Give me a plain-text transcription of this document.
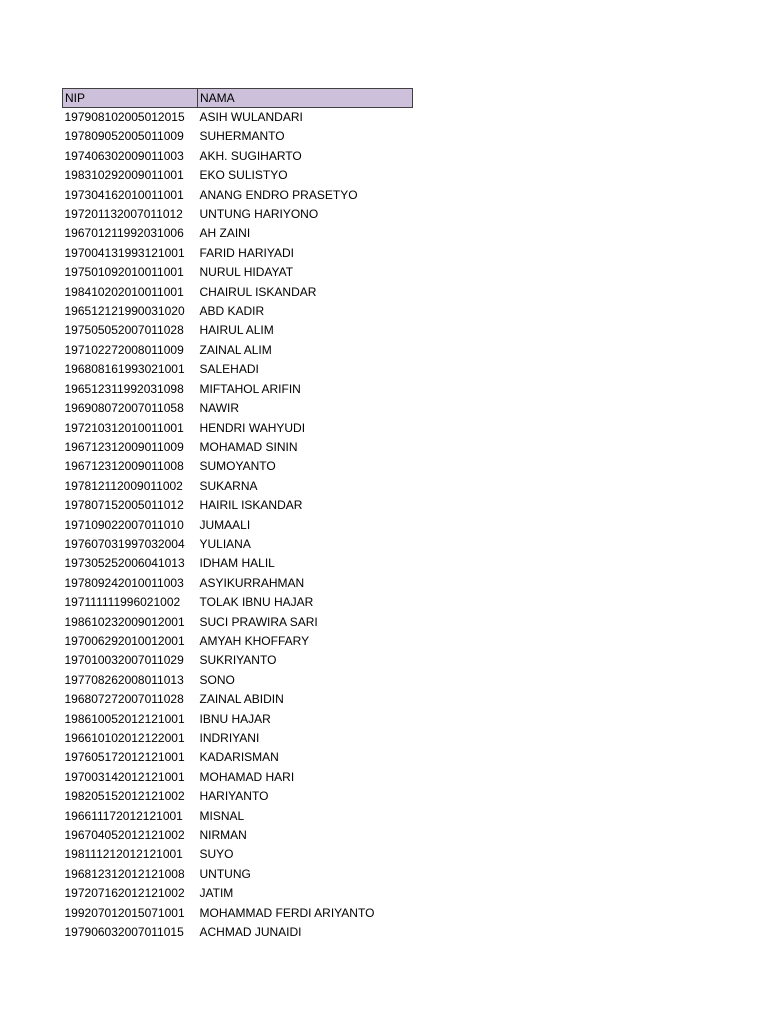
NIP	NAMA
197908102005012015	ASIH WULANDARI
197809052005011009	SUHERMANTO
197406302009011003	AKH. SUGIHARTO
198310292009011001	EKO SULISTYO
197304162010011001	ANANG ENDRO PRASETYO
197201132007011012	UNTUNG HARIYONO
196701211992031006	AH ZAINI
197004131993121001	FARID HARIYADI
197501092010011001	NURUL HIDAYAT
198410202010011001	CHAIRUL ISKANDAR
196512121990031020	ABD KADIR
197505052007011028	HAIRUL ALIM
197102272008011009	ZAINAL ALIM
196808161993021001	SALEHADI
196512311992031098	MIFTAHOL ARIFIN
196908072007011058	NAWIR
197210312010011001	HENDRI WAHYUDI
196712312009011009	MOHAMAD SININ
196712312009011008	SUMOYANTO
197812112009011002	SUKARNA
197807152005011012	HAIRIL ISKANDAR
197109022007011010	JUMAALI
197607031997032004	YULIANA
197305252006041013	IDHAM HALIL
197809242010011003	ASYIKURRAHMAN
197111111996021002	TOLAK IBNU HAJAR
198610232009012001	SUCI PRAWIRA SARI
197006292010012001	AMYAH KHOFFARY
197010032007011029	SUKRIYANTO
197708262008011013	SONO
196807272007011028	ZAINAL ABIDIN
198610052012121001	IBNU HAJAR
196610102012122001	INDRIYANI
197605172012121001	KADARISMAN
197003142012121001	MOHAMAD HARI
198205152012121002	HARIYANTO
196611172012121001	MISNAL
196704052012121002	NIRMAN
198111212012121001	SUYO
196812312012121008	UNTUNG
197207162012121002	JATIM
199207012015071001	MOHAMMAD FERDI ARIYANTO
197906032007011015	ACHMAD JUNAIDI
